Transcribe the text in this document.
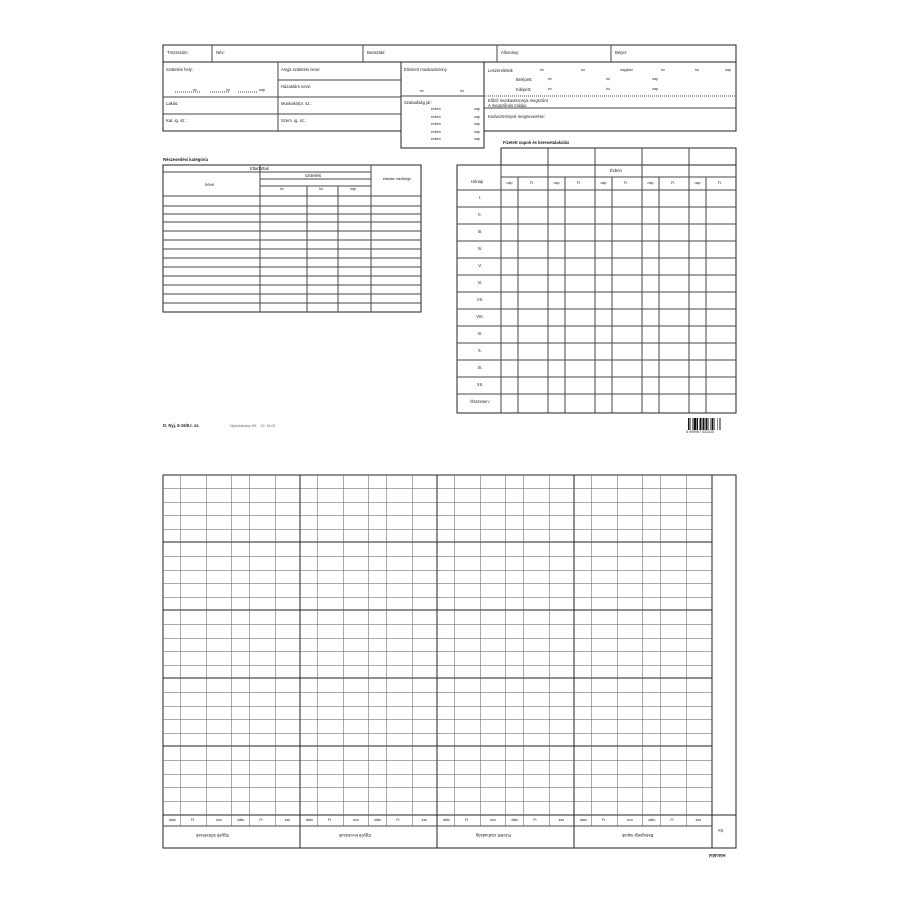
Törzsszám:	Név:	Beosztás:	Állomány:	Bérjel:
Születési hely:	Anyja születési neve:
Házastárs neve:
Lakás:	Munkakörpr. sz.:
Kat. ig. sz.:	Szem. ig. sz.:
év	hó	nap
Elismert munkaviszony
év	hó
Szabadság jár:
Leszerelésük
Belépett:
Kilépett:
Előző munkaviszonya megszűnt
A megszűnés módja:
Kedvezmények megnevezése:
Részesedési kategória
Eltartottak
neve
születési
év	hó	nap
eltartás minősége
Fizetett napok és keresetalakulás
Hónap
Évben
D. Nyj. 6-19/II.r. sz.	Nyomtatvány Kft. · 22. 16 02
5 999997 031020
Egyéb kifizetések	Egyéb levonások	Fizetett szabadság	Betegségi napok
Év
Hátoldal
évben	nap
évben	nap
évben	nap
évben	nap
évben	nap
év	hó	napjától	év	hó	nap
év	hó	nap
év	hó	nap
nap	Ft	nap	Ft	nap	Ft	nap	Ft	nap	Ft
I.
II.
III.
IV.
V.
VI.
VII.
VIII.
IX.
X.
XI.
XII.
Összesen:
dátu	Ft	szu	dátu	Ft	szu	dátu	Ft	szu	dátu	Ft	szu	dátu	Ft	szu	dátu	Ft	szu	dátu	Ft	szu	dátu	Ft	szu
